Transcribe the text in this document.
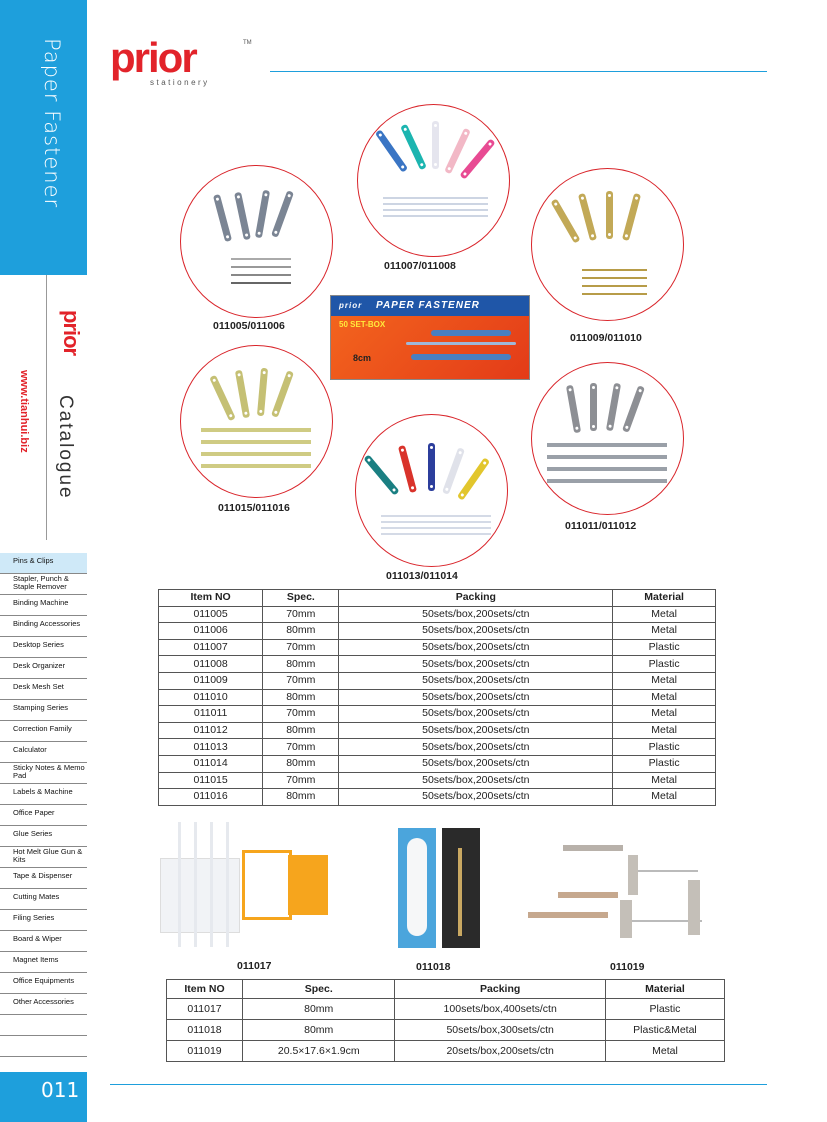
Paper Fastener
prior
www.tianhui.biz Catalogue
Pins & Clips
Stapler, Punch & Staple Remover
Binding Machine
Binding Accessories
Desktop Series
Desk Organizer
Desk Mesh Set
Stamping Series
Correction Family
Calculator
Sticky Notes & Memo Pad
Labels & Machine
Office Paper
Glue Series
Hot Melt Glue Gun & Kits
Tape & Dispenser
Cutting Mates
Filing Series
Board & Wiper
Magnet Items
Office Equipments
Other Accessories
011
prior	TM
stationery
011005/011006
011007/011008
011009/011010
prior PAPER FASTENER
50 SET-BOX
8cm
011015/011016
011013/011014
011011/011012
Item NO	Spec.	Packing	Material
011005	70mm	50sets/box,200sets/ctn	Metal
011006	80mm	50sets/box,200sets/ctn	Metal
011007	70mm	50sets/box,200sets/ctn	Plastic
011008	80mm	50sets/box,200sets/ctn	Plastic
011009	70mm	50sets/box,200sets/ctn	Metal
011010	80mm	50sets/box,200sets/ctn	Metal
011011	70mm	50sets/box,200sets/ctn	Metal
011012	80mm	50sets/box,200sets/ctn	Metal
011013	70mm	50sets/box,200sets/ctn	Plastic
011014	80mm	50sets/box,200sets/ctn	Plastic
011015	70mm	50sets/box,200sets/ctn	Metal
011016	80mm	50sets/box,200sets/ctn	Metal
011017	011018	011019
Item NO	Spec.	Packing	Material
011017	80mm	100sets/box,400sets/ctn	Plastic
011018	80mm	50sets/box,300sets/ctn	Plastic&Metal
011019	20.5×17.6×1.9cm	20sets/box,200sets/ctn	Metal
